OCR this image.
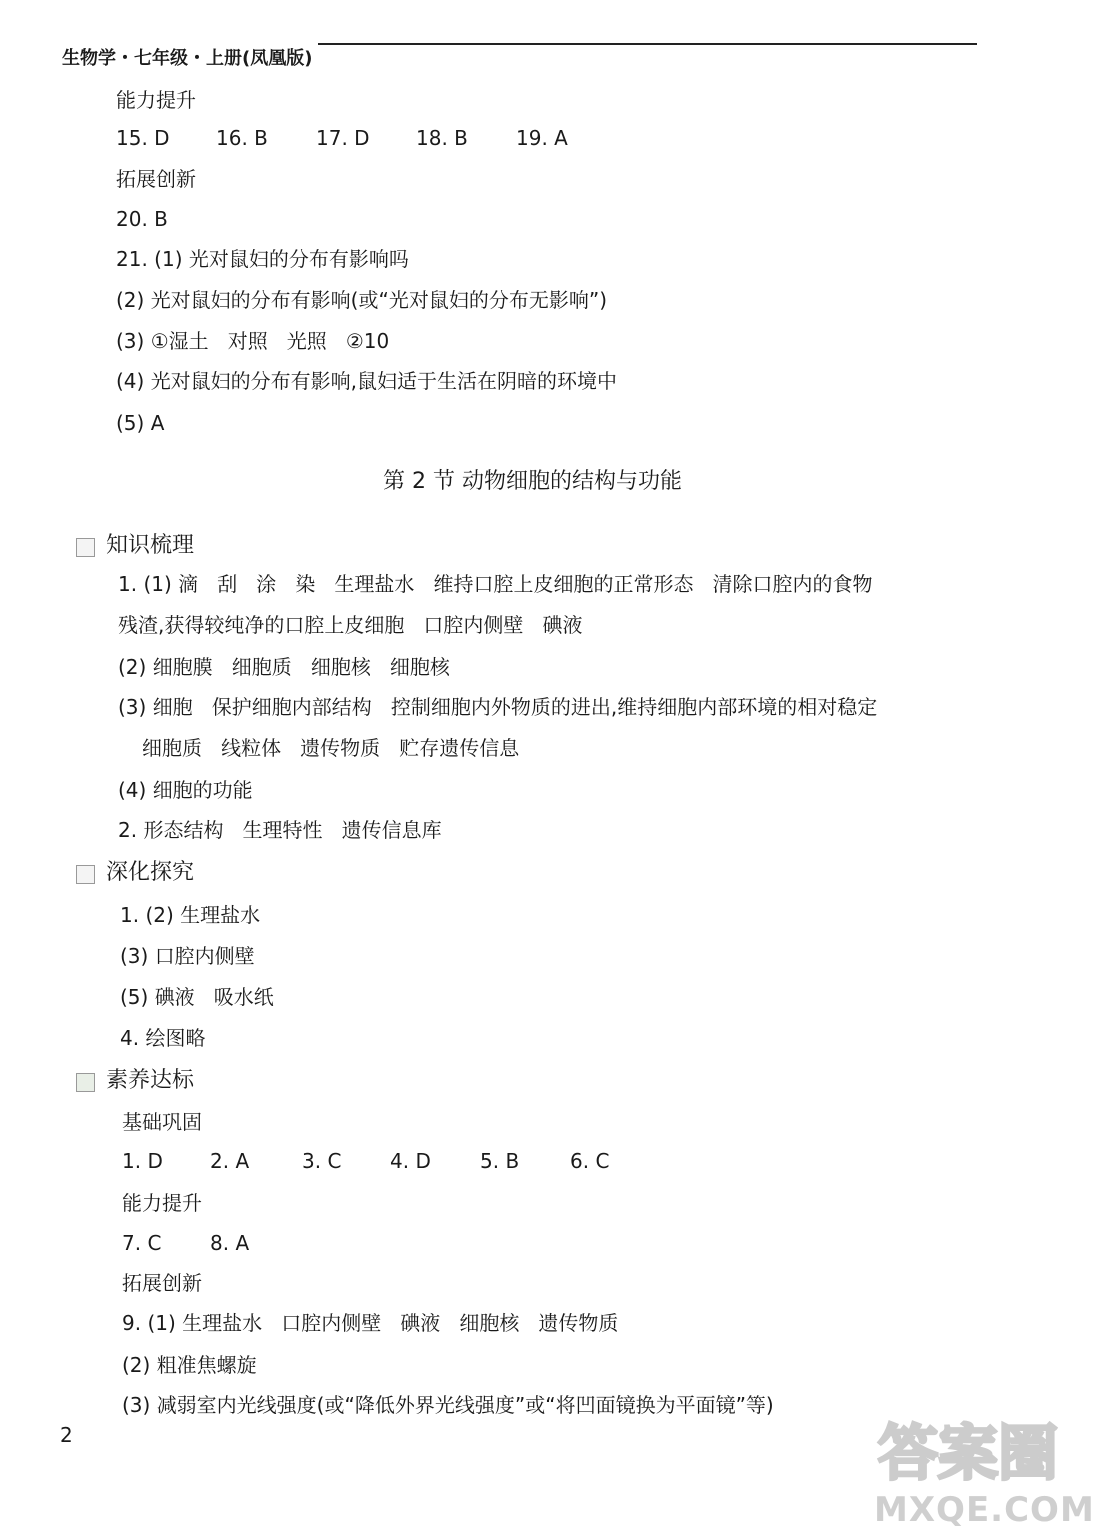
生物学・七年级・上册(凤凰版)
能力提升
15. D 16. B 17. D 18. B 19. A
拓展创新
20. B
21. (1) 光对鼠妇的分布有影响吗
(2) 光对鼠妇的分布有影响(或“光对鼠妇的分布无影响”)
(3) ①湿土   对照   光照   ②10
(4) 光对鼠妇的分布有影响,鼠妇适于生活在阴暗的环境中
(5) A
第 2 节 动物细胞的结构与功能
知识梳理
1. (1) 滴   刮   涂   染   生理盐水   维持口腔上皮细胞的正常形态   清除口腔内的食物
残渣,获得较纯净的口腔上皮细胞   口腔内侧壁   碘液
(2) 细胞膜   细胞质   细胞核   细胞核
(3) 细胞   保护细胞内部结构   控制细胞内外物质的进出,维持细胞内部环境的相对稳定
细胞质   线粒体   遗传物质   贮存遗传信息
(4) 细胞的功能
2. 形态结构   生理特性   遗传信息库
深化探究
1. (2) 生理盐水
(3) 口腔内侧壁
(5) 碘液   吸水纸
4. 绘图略
素养达标
基础巩固
1. D 2. A	3. C 4. D 5. B	6. C
能力提升
7. C 8. A
拓展创新
9. (1) 生理盐水   口腔内侧壁   碘液   细胞核   遗传物质
(2) 粗准焦螺旋
(3) 减弱室内光线强度(或“降低外界光线强度”或“将凹面镜换为平面镜”等)
2	答案圈
MXQE.COM
